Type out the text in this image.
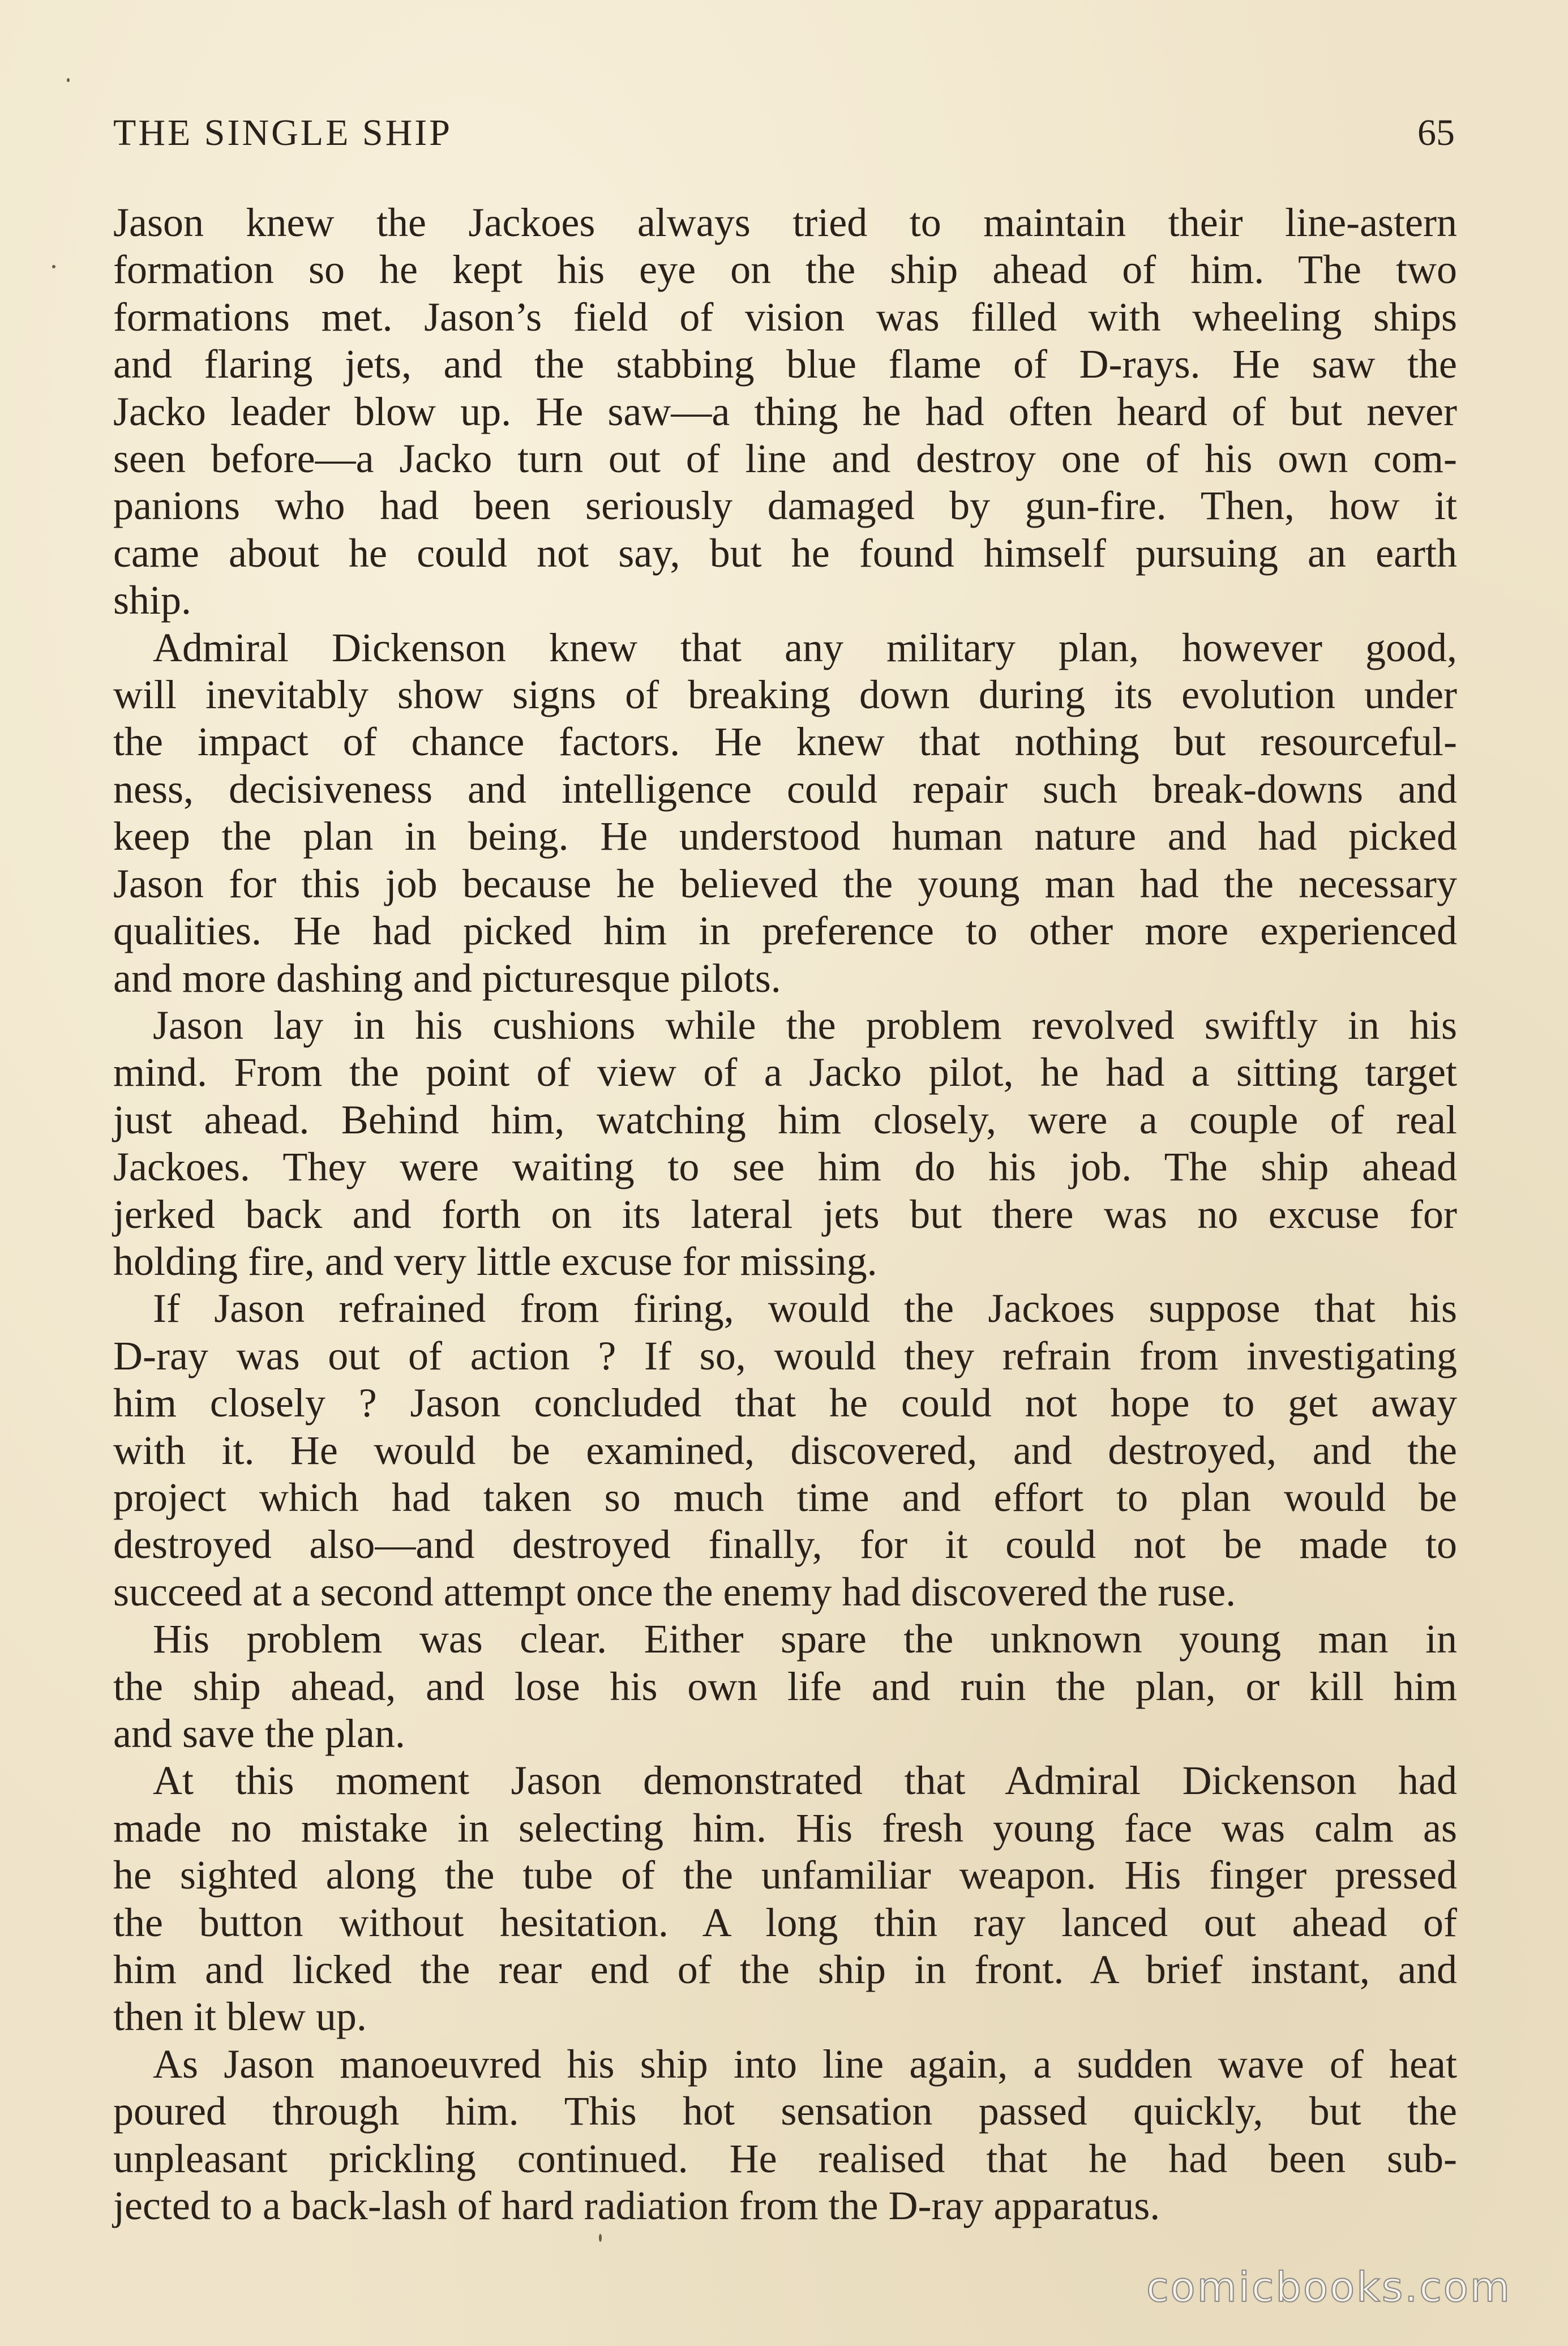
THE SINGLE SHIP	65

Jason knew the Jackoes always tried to maintain their line-astern
formation so he kept his eye on the ship ahead of him. The two
formations met. Jason’s field of vision was filled with wheeling ships
and flaring jets, and the stabbing blue flame of D-rays. He saw the
Jacko leader blow up. He saw—a thing he had often heard of but never
seen before—a Jacko turn out of line and destroy one of his own com-
panions who had been seriously damaged by gun-fire. Then, how it
came about he could not say, but he found himself pursuing an earth
ship.

Admiral Dickenson knew that any military plan, however good,
will inevitably show signs of breaking down during its evolution under
the impact of chance factors. He knew that nothing but resourceful-
ness, decisiveness and intelligence could repair such break-downs and
keep the plan in being. He understood human nature and had picked
Jason for this job because he believed the young man had the necessary
qualities. He had picked him in preference to other more experienced
and more dashing and picturesque pilots.

Jason lay in his cushions while the problem revolved swiftly in his
mind. From the point of view of a Jacko pilot, he had a sitting target
just ahead. Behind him, watching him closely, were a couple of real
Jackoes. They were waiting to see him do his job. The ship ahead
jerked back and forth on its lateral jets but there was no excuse for
holding fire, and very little excuse for missing.

If Jason refrained from firing, would the Jackoes suppose that his
D-ray was out of action ? If so, would they refrain from investigating
him closely ? Jason concluded that he could not hope to get away
with it. He would be examined, discovered, and destroyed, and the
project which had taken so much time and effort to plan would be
destroyed also—and destroyed finally, for it could not be made to
succeed at a second attempt once the enemy had discovered the ruse.

His problem was clear. Either spare the unknown young man in
the ship ahead, and lose his own life and ruin the plan, or kill him
and save the plan.

At this moment Jason demonstrated that Admiral Dickenson had
made no mistake in selecting him. His fresh young face was calm as
he sighted along the tube of the unfamiliar weapon. His finger pressed
the button without hesitation. A long thin ray lanced out ahead of
him and licked the rear end of the ship in front. A brief instant, and
then it blew up.

As Jason manoeuvred his ship into line again, a sudden wave of heat
poured through him. This hot sensation passed quickly, but the
unpleasant prickling continued. He realised that he had been sub-
jected to a back-lash of hard radiation from the D-ray apparatus.

comicbooks.com
